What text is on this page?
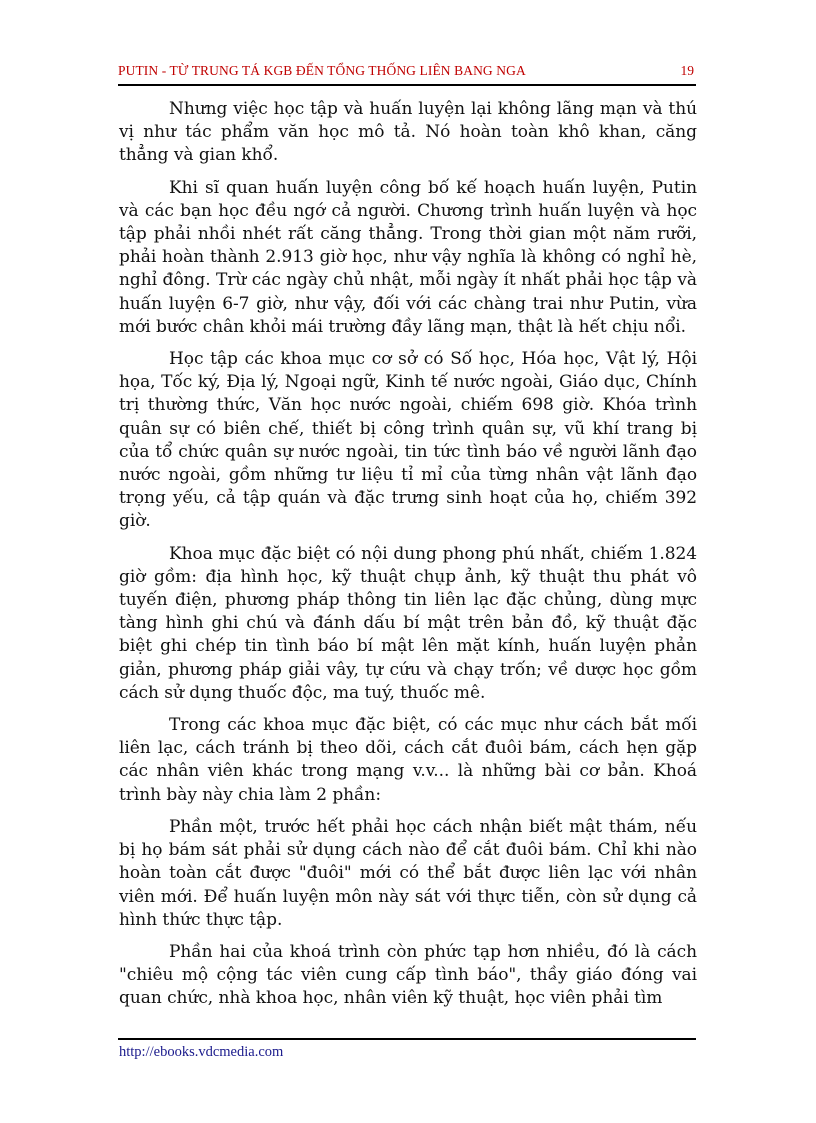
PUTIN - TỪ TRUNG TÁ KGB ĐẾN TỔNG THỐNG LIÊN BANG NGA	19

Nhưng việc học tập và huấn luyện lại không lãng mạn và thú vị như tác phẩm văn học mô tả. Nó hoàn toàn khô khan, căng thẳng và gian khổ.

Khi sĩ quan huấn luyện công bố kế hoạch huấn luyện, Putin và các bạn học đều ngớ cả người. Chương trình huấn luyện và học tập phải nhồi nhét rất căng thẳng. Trong thời gian một năm rưỡi, phải hoàn thành 2.913 giờ học, như vậy nghĩa là không có nghỉ hè, nghỉ đông. Trừ các ngày chủ nhật, mỗi ngày ít nhất phải học tập và huấn luyện 6-7 giờ, như vậy, đối với các chàng trai như Putin, vừa mới bước chân khỏi mái trường đầy lãng mạn, thật là hết chịu nổi.

Học tập các khoa mục cơ sở có Số học, Hóa học, Vật lý, Hội họa, Tốc ký, Địa lý, Ngoại ngữ, Kinh tế nước ngoài, Giáo dục, Chính trị thường thức, Văn học nước ngoài, chiếm 698 giờ. Khóa trình quân sự có biên chế, thiết bị công trình quân sự, vũ khí trang bị của tổ chức quân sự nước ngoài, tin tức tình báo về người lãnh đạo nước ngoài, gồm những tư liệu tỉ mỉ của từng nhân vật lãnh đạo trọng yếu, cả tập quán và đặc trưng sinh hoạt của họ, chiếm 392 giờ.

Khoa mục đặc biệt có nội dung phong phú nhất, chiếm 1.824 giờ gồm: địa hình học, kỹ thuật chụp ảnh, kỹ thuật thu phát vô tuyến điện, phương pháp thông tin liên lạc đặc chủng, dùng mực tàng hình ghi chú và đánh dấu bí mật trên bản đồ, kỹ thuật đặc biệt ghi chép tin tình báo bí mật lên mặt kính, huấn luyện phản giản, phương pháp giải vây, tự cứu và chạy trốn; về dược học gồm cách sử dụng thuốc độc, ma tuý, thuốc mê.

Trong các khoa mục đặc biệt, có các mục như cách bắt mối liên lạc, cách tránh bị theo dõi, cách cắt đuôi bám, cách hẹn gặp các nhân viên khác trong mạng v.v... là những bài cơ bản. Khoá trình bày này chia làm 2 phần:

Phần một, trước hết phải học cách nhận biết mật thám, nếu bị họ bám sát phải sử dụng cách nào để cắt đuôi bám. Chỉ khi nào hoàn toàn cắt được "đuôi" mới có thể bắt được liên lạc với nhân viên mới. Để huấn luyện môn này sát với thực tiễn, còn sử dụng cả hình thức thực tập.

Phần hai của khoá trình còn phức tạp hơn nhiều, đó là cách "chiêu mộ cộng tác viên cung cấp tình báo", thầy giáo đóng vai quan chức, nhà khoa học, nhân viên kỹ thuật, học viên phải tìm

http://ebooks.vdcmedia.com
